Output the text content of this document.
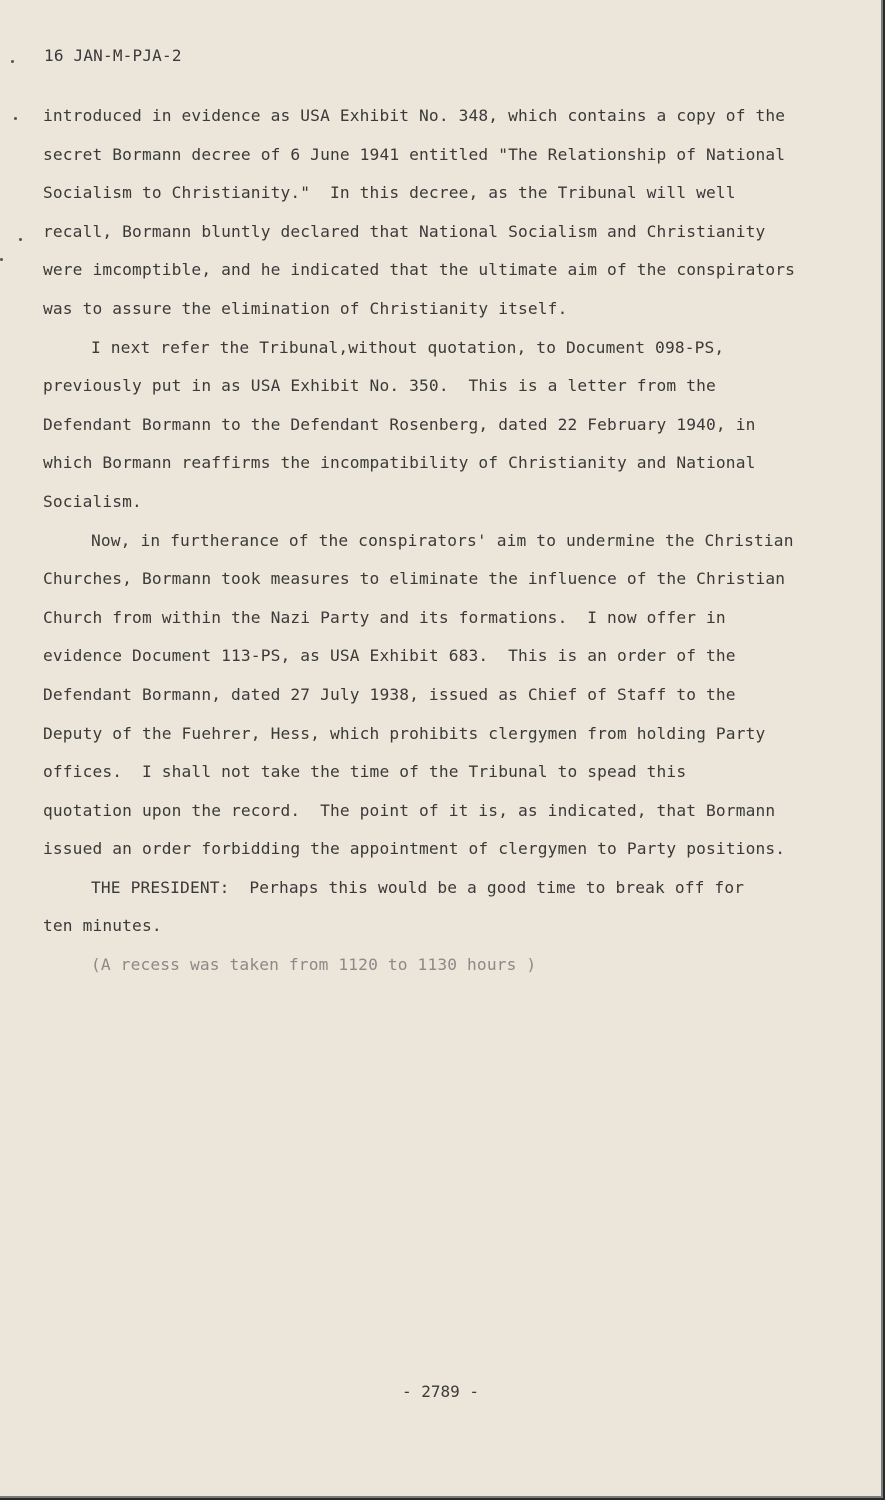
16 JAN-M-PJA-2
introduced in evidence as USA Exhibit No. 348, which contains a copy of the
secret Bormann decree of 6 June 1941 entitled "The Relationship of National
Socialism to Christianity."  In this decree, as the Tribunal will well
recall, Bormann bluntly declared that National Socialism and Christianity
were imcomptible, and he indicated that the ultimate aim of the conspirators
was to assure the elimination of Christianity itself.
I next refer the Tribunal,without quotation, to Document 098-PS,
previously put in as USA Exhibit No. 350.  This is a letter from the
Defendant Bormann to the Defendant Rosenberg, dated 22 February 1940, in
which Bormann reaffirms the incompatibility of Christianity and National
Socialism.
Now, in furtherance of the conspirators' aim to undermine the Christian
Churches, Bormann took measures to eliminate the influence of the Christian
Church from within the Nazi Party and its formations.  I now offer in
evidence Document 113-PS, as USA Exhibit 683.  This is an order of the
Defendant Bormann, dated 27 July 1938, issued as Chief of Staff to the
Deputy of the Fuehrer, Hess, which prohibits clergymen from holding Party
offices.  I shall not take the time of the Tribunal to spead this
quotation upon the record.  The point of it is, as indicated, that Bormann
issued an order forbidding the appointment of clergymen to Party positions.
THE PRESIDENT:  Perhaps this would be a good time to break off for
ten minutes.
(A recess was taken from 1120 to 1130 hours )
- 2789 -
